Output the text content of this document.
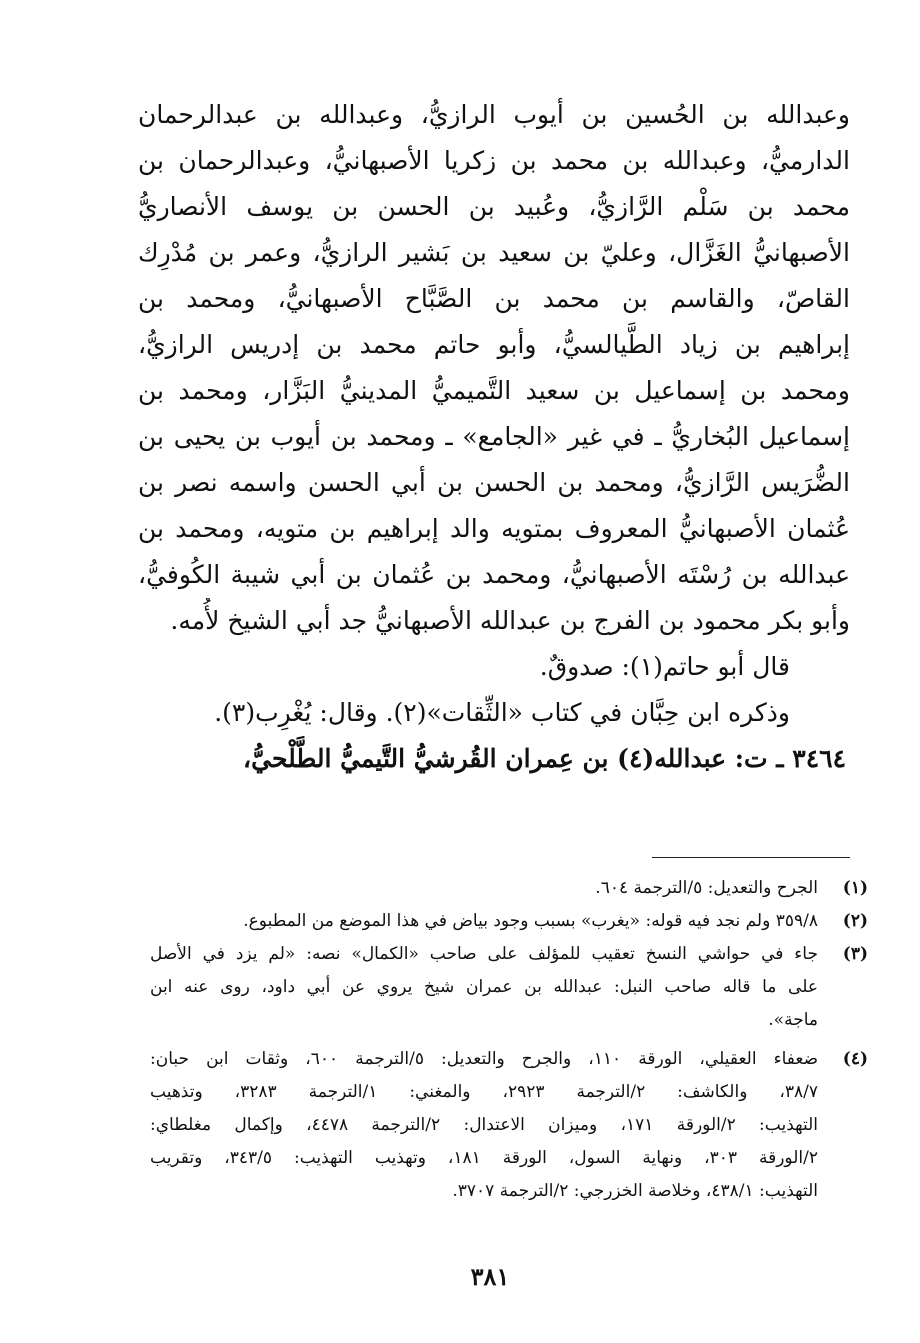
وعبدالله بن الحُسين بن أيوب الرازيُّ، وعبدالله بن عبدالرحمان
الدارميُّ، وعبدالله بن محمد بن زكريا الأصبهانيُّ، وعبدالرحمان بن
محمد بن سَلْم الرَّازيُّ، وعُبيد بن الحسن بن يوسف الأنصاريُّ
الأصبهانيُّ الغَزَّال، وعليّ بن سعيد بن بَشير الرازيُّ، وعمر بن مُدْرِك
القاصّ، والقاسم بن محمد بن الصَّبَّاح الأصبهانيُّ، ومحمد بن
إبراهيم بن زياد الطَّيالسيُّ، وأبو حاتم محمد بن إدريس الرازيُّ،
ومحمد بن إسماعيل بن سعيد التَّميميُّ المدينيُّ البَزَّار، ومحمد بن
إسماعيل البُخاريُّ ـ في غير «الجامع» ـ ومحمد بن أيوب بن يحيى بن
الضُّرَيس الرَّازيُّ، ومحمد بن الحسن بن أبي الحسن واسمه نصر بن
عُثمان الأصبهانيُّ المعروف بمتويه والد إبراهيم بن متويه، ومحمد بن
عبدالله بن رُسْتَه الأصبهانيُّ، ومحمد بن عُثمان بن أبي شيبة الكُوفيُّ،
وأبو بكر محمود بن الفرج بن عبدالله الأصبهانيُّ جد أبي الشيخ لأُمه.
قال أبو حاتم(١): صدوقٌ.
وذكره ابن حِبَّان في كتاب «الثِّقات»(٢). وقال: يُغْرِب(٣).
٣٤٦٤ ـ ت: عبدالله(٤) بن عِمران القُرشيُّ التَّيميُّ الطَّلْحيُّ،
(١)
الجرح والتعديل: ٥/الترجمة ٦٠٤.
(٢)
٣٥٩/٨ ولم نجد فيه قوله: «يغرب» بسبب وجود بياض في هذا الموضع من المطبوع.
(٣)
جاء في حواشي النسخ تعقيب للمؤلف على صاحب «الكمال» نصه: «لم يزد في الأصل
على ما قاله صاحب النبل: عبدالله بن عمران شيخ يروي عن أبي داود، روى عنه ابن
ماجة».
(٤)
ضعفاء العقيلي، الورقة ١١٠، والجرح والتعديل: ٥/الترجمة ٦٠٠، وثقات ابن حبان:
٣٨/٧، والكاشف: ٢/الترجمة ٢٩٢٣، والمغني: ١/الترجمة ٣٢٨٣، وتذهيب
التهذيب: ٢/الورقة ١٧١، وميزان الاعتدال: ٢/الترجمة ٤٤٧٨، وإكمال مغلطاي:
٢/الورقة ٣٠٣، ونهاية السول، الورقة ١٨١، وتهذيب التهذيب: ٣٤٣/٥، وتقريب
التهذيب: ٤٣٨/١، وخلاصة الخزرجي: ٢/الترجمة ٣٧٠٧.
٣٨١
